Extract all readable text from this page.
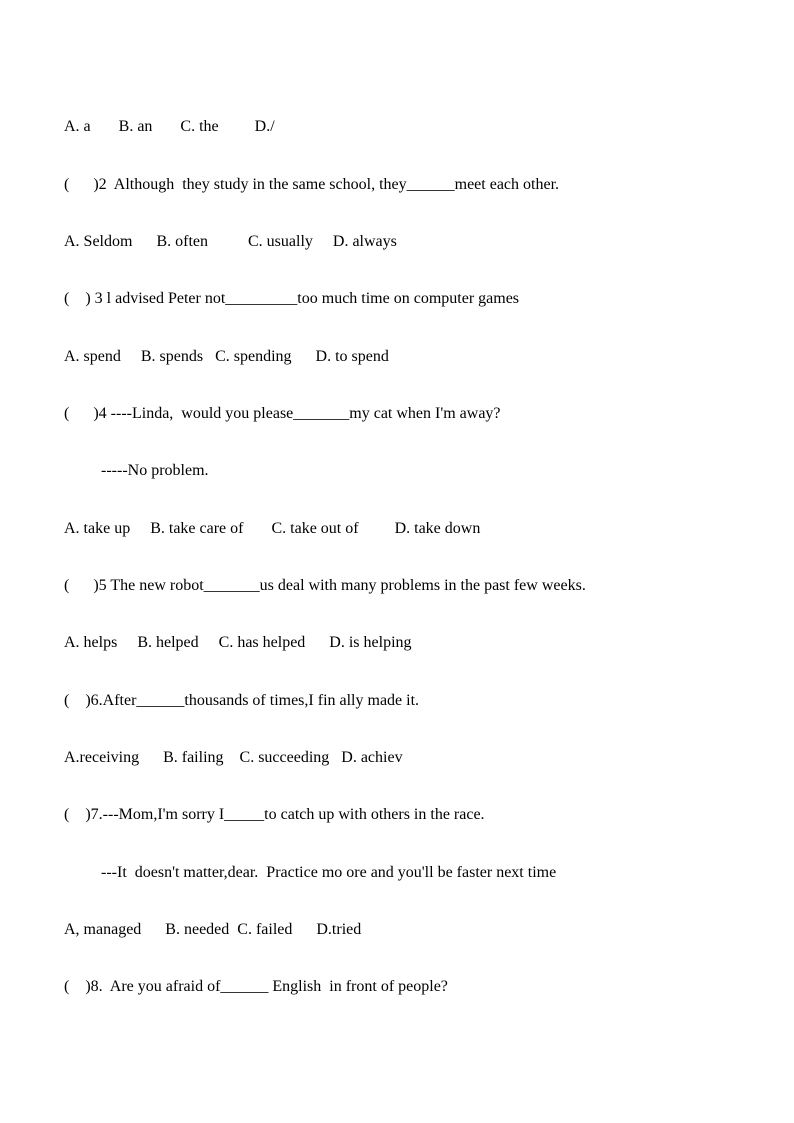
A. a       B. an       C. the         D./
(      )2  Although  they study in the same school, they______meet each other.
A. Seldom      B. often          C. usually     D. always
(    ) 3 l advised Peter not_________too much time on computer games
A. spend     B. spends   C. spending      D. to spend
(      )4 ----Linda,  would you please_______my cat when I'm away?
-----No problem.
A. take up     B. take care of       C. take out of         D. take down
(      )5 The new robot_______us deal with many problems in the past few weeks.
A. helps     B. helped     C. has helped      D. is helping
(    )6.After______thousands of times,I fin ally made it.
A.receiving      B. failing    C. succeeding   D. achiev
(    )7.---Mom,I'm sorry I_____to catch up with others in the race.
---It  doesn't matter,dear.  Practice mo ore and you'll be faster next time
A, managed      B. needed  C. failed      D.tried
(    )8.  Are you afraid of______ English  in front of people?
